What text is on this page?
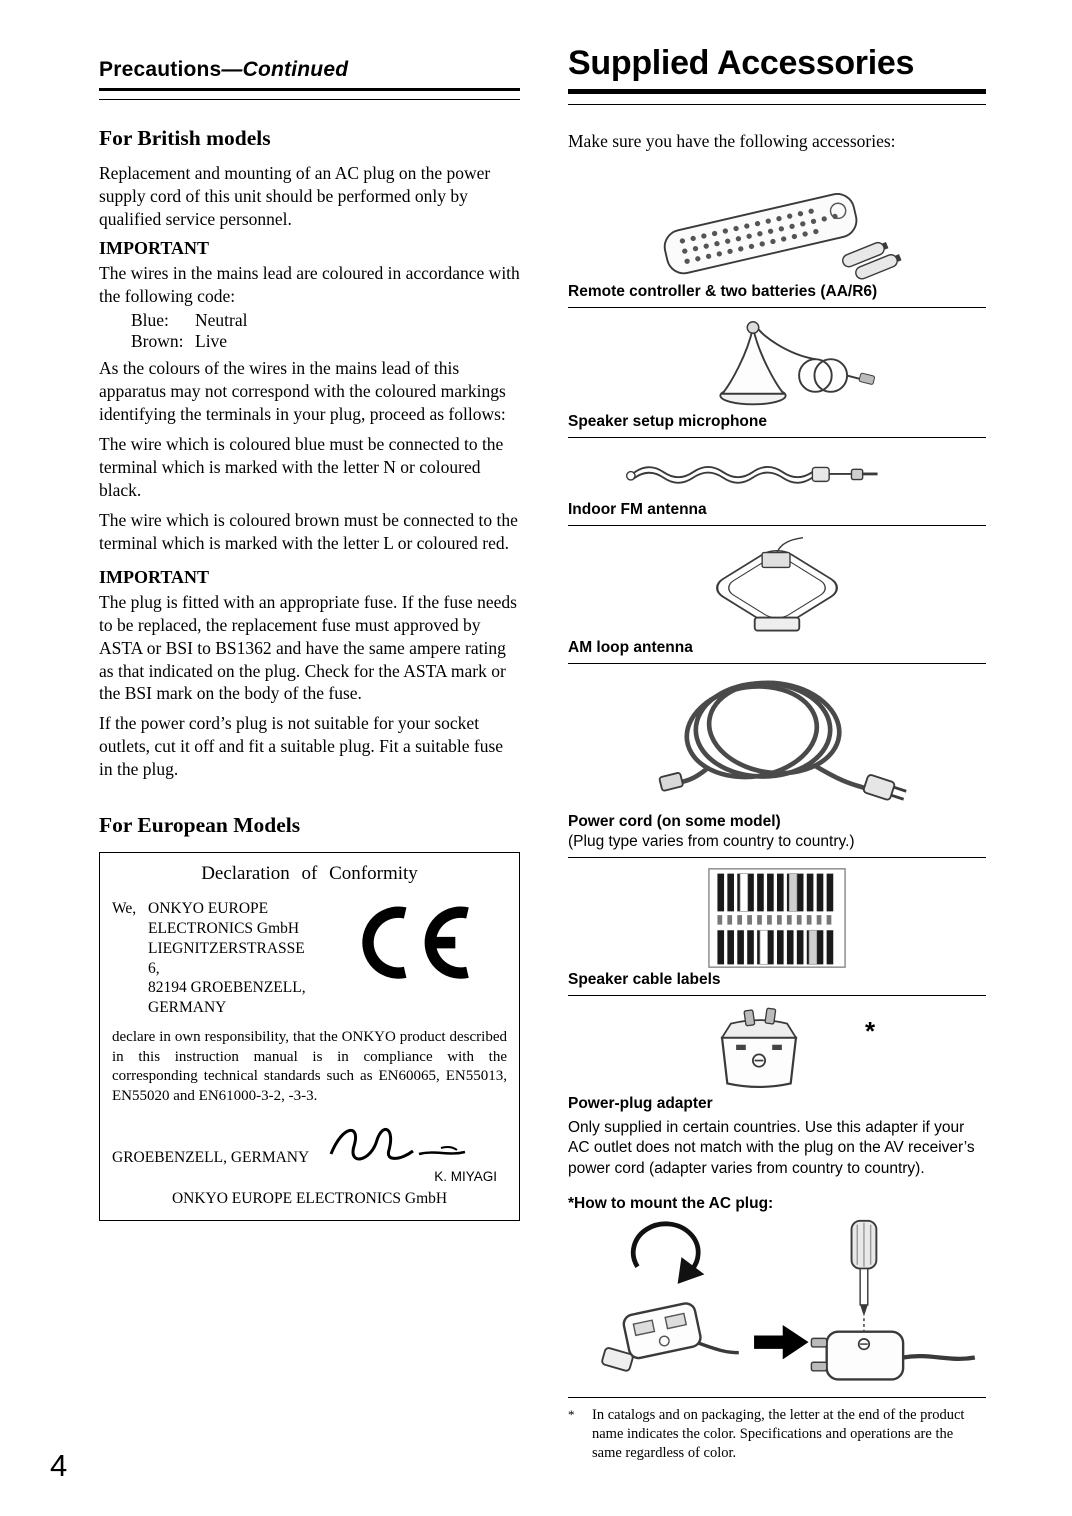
Precautions—Continued
For British models

Replacement and mounting of an AC plug on the power supply cord of this unit should be performed only by qualified service personnel.

IMPORTANT

The wires in the mains lead are coloured in accordance with the following code:

Blue: Neutral
Brown: Live

As the colours of the wires in the mains lead of this apparatus may not correspond with the coloured markings identifying the terminals in your plug, proceed as follows:

The wire which is coloured blue must be connected to the terminal which is marked with the letter N or coloured black.

The wire which is coloured brown must be connected to the terminal which is marked with the letter L or coloured red.

IMPORTANT

The plug is fitted with an appropriate fuse. If the fuse needs to be replaced, the replacement fuse must approved by ASTA or BSI to BS1362 and have the same ampere rating as that indicated on the plug. Check for the ASTA mark or the BSI mark on the body of the fuse.

If the power cord’s plug is not suitable for your socket outlets, cut it off and fit a suitable plug. Fit a suitable fuse in the plug.

For European Models
Declaration of Conformity
We, ONKYO EUROPE
ELECTRONICS GmbH
LIEGNITZERSTRASSE 6,
82194 GROEBENZELL,
GERMANY

declare in own responsibility, that the ONKYO product described in this instruction manual is in compliance with the corresponding technical standards such as EN60065, EN55013, EN55020 and EN61000-3-2, -3-3.

GROEBENZELL, GERMANY
K. MIYAGI
ONKYO EUROPE ELECTRONICS GmbH
Supplied Accessories

Make sure you have the following accessories:

Remote controller & two batteries (AA/R6)
Speaker setup microphone
Indoor FM antenna
AM loop antenna
Power cord (on some model)
(Plug type varies from country to country.)
Speaker cable labels
*
Power-plug adapter

Only supplied in certain countries. Use this adapter if your AC outlet does not match with the plug on the AV receiver’s power cord (adapter varies from country to country).

*How to mount the AC plug:
*	In catalogs and on packaging, the letter at the end of the product name indicates the color. Specifications and operations are the same regardless of color.
4
